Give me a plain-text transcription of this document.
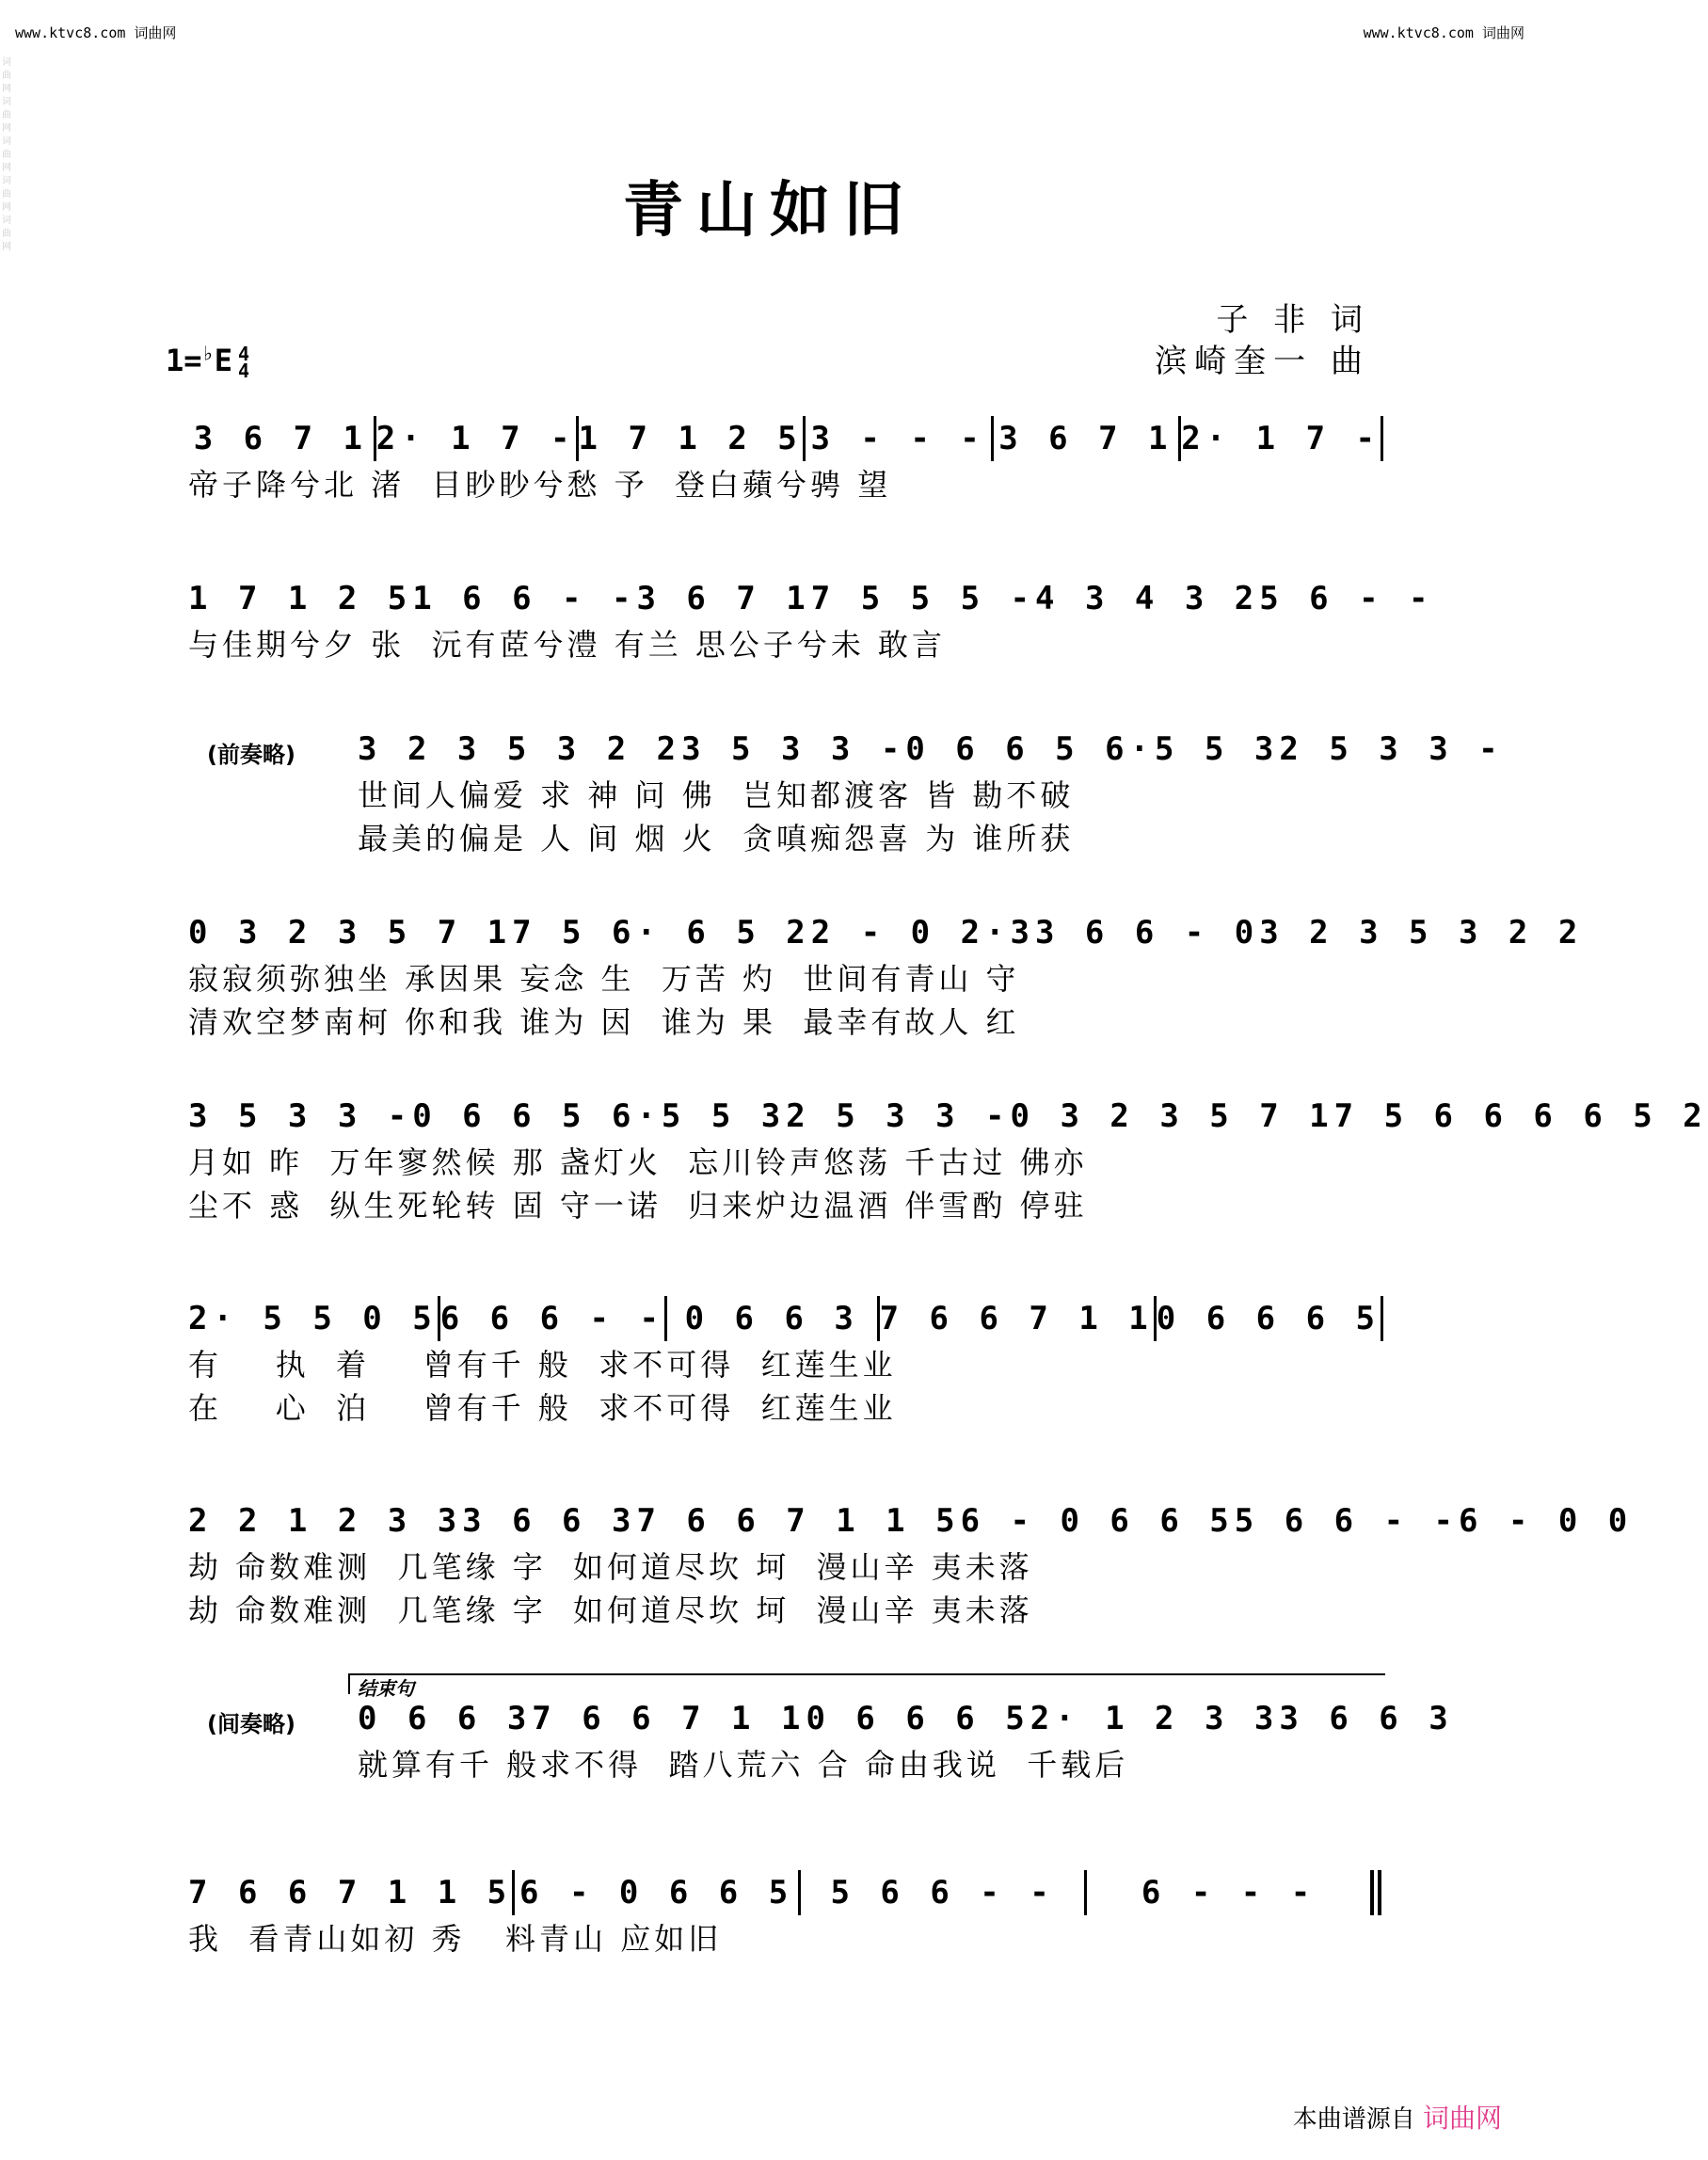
www.ktvc8.com 词曲网	www.ktvc8.com 词曲网
词曲网词曲网词曲网词曲网词曲网
青山如旧
子 非 词
滨崎奎一 曲
1=♭E 4
4
3 6 7 1 2· 1 7 - 1 7 1 2 5 3 - - - 3 6 7 1 2· 1 7 -
帝子降兮北 渚  目眇眇兮愁 予  登白蘋兮骋 望
1 7 1 2 5 1 6 6 - - 3 6 7 1 7 5 5 5 - 4 3 4 3 2 5 6 - -
与佳期兮夕 张  沅有茝兮澧 有兰 思公子兮未 敢言
(前奏略) 3 2 3 5 3 2 2 3 5 3 3 - 0 6 6 5 6·5 5 3 2 5 3 3 -
世间人偏爱 求 神 问 佛  岂知都渡客 皆 勘不破
最美的偏是 人 间 烟 火  贪嗔痴怨喜 为 谁所获
0 3 2 3 5 7 1 7 5 6· 6 5 2 2 - 0 2·3 3 6 6 - 0 3 2 3 5 3 2 2
寂寂须弥独坐 承因果 妄念 生  万苦 灼  世间有青山 守
清欢空梦南柯 你和我 谁为 因  谁为 果  最幸有故人 红
3 5 3 3 - 0 6 6 5 6·5 5 3 2 5 3 3 - 0 3 2 3 5 7 1 7 5 6 6 6 6 5 2
月如 昨  万年寥然候 那 盏灯火  忘川铃声悠荡 千古过 佛亦
尘不 惑  纵生死轮转 固 守一诺  归来炉边温酒 伴雪酌 停驻
2· 5 5 0 5 6 6 6 - - 0 6 6 3 7 6 6 7 1 1 0 6 6 6 5
有    执  着    曾有千 般  求不可得  红莲生业
在    心  泊    曾有千 般  求不可得  红莲生业
2 2 1 2 3 3 3 6 6 3 7 6 6 7 1 1 5 6 - 0 6 6 5 5 6 6 - - 6 - 0 0
劫 命数难测  几笔缘 字  如何道尽坎 坷  漫山辛 夷未落
劫 命数难测  几笔缘 字  如何道尽坎 坷  漫山辛 夷未落
(间奏略)
结束句
0 6 6 3 7 6 6 7 1 1 0 6 6 6 5 2· 1 2 3 3 3 6 6 3
就算有千 般求不得  踏八荒六 合 命由我说  千载后
7 6 6 7 1 1 5 6 - 0 6 6 5	5 6 6 - -	6 - - -
我  看青山如初 秀   料青山 应如旧
本曲谱源自 词曲网
